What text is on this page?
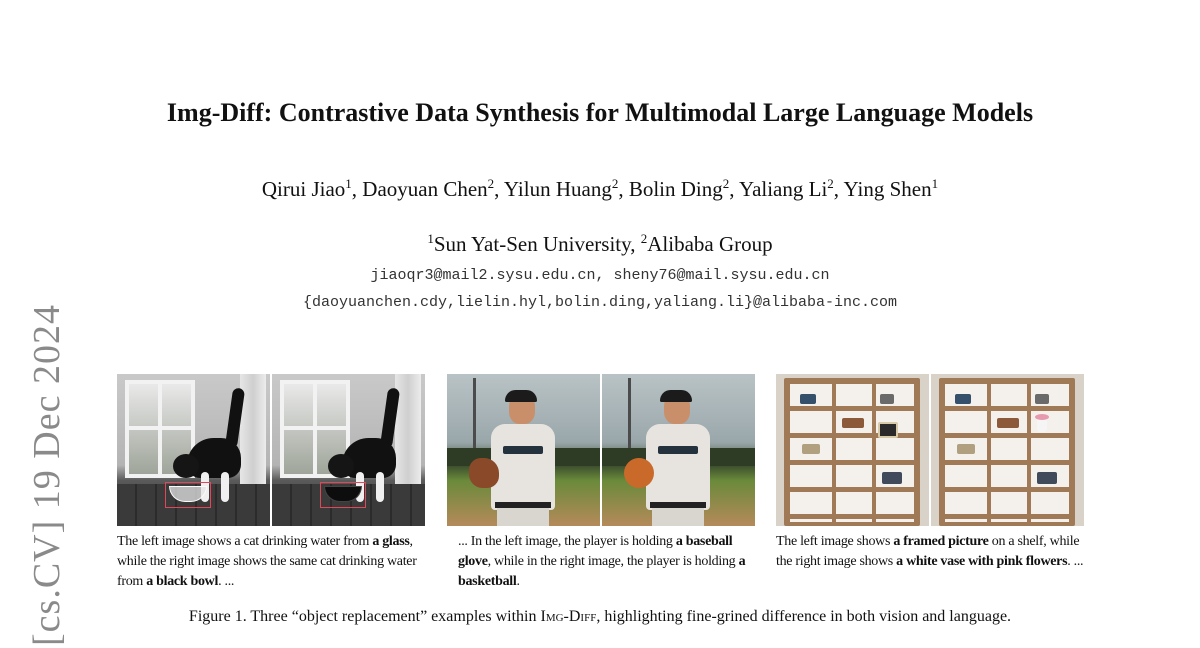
[cs.CV] 19 Dec 2024
Img-Diff: Contrastive Data Synthesis for Multimodal Large Language Models
Qirui Jiao$^1$, Daoyuan Chen$^2$, Yilun Huang$^2$, Bolin Ding$^2$, Yaliang Li$^2$, Ying Shen$^1$
$^1$Sun Yat-Sen University, $^2$Alibaba Group
jiaoqr3@mail2.sysu.edu.cn, sheny76@mail.sysu.edu.cn
{daoyuanchen.cdy,lielin.hyl,bolin.ding,yaliang.li}@alibaba-inc.com
The left image shows a cat drinking water from a glass, while the right image shows the same cat drinking water from a black bowl. ...
... In the left image, the player is holding a baseball glove, while in the right image, the player is holding a basketball.
The left image shows a framed picture on a shelf, while the right image shows a white vase with pink flowers. ...
Figure 1. Three “object replacement” examples within Img-Diff, highlighting fine-grined difference in both vision and language.
